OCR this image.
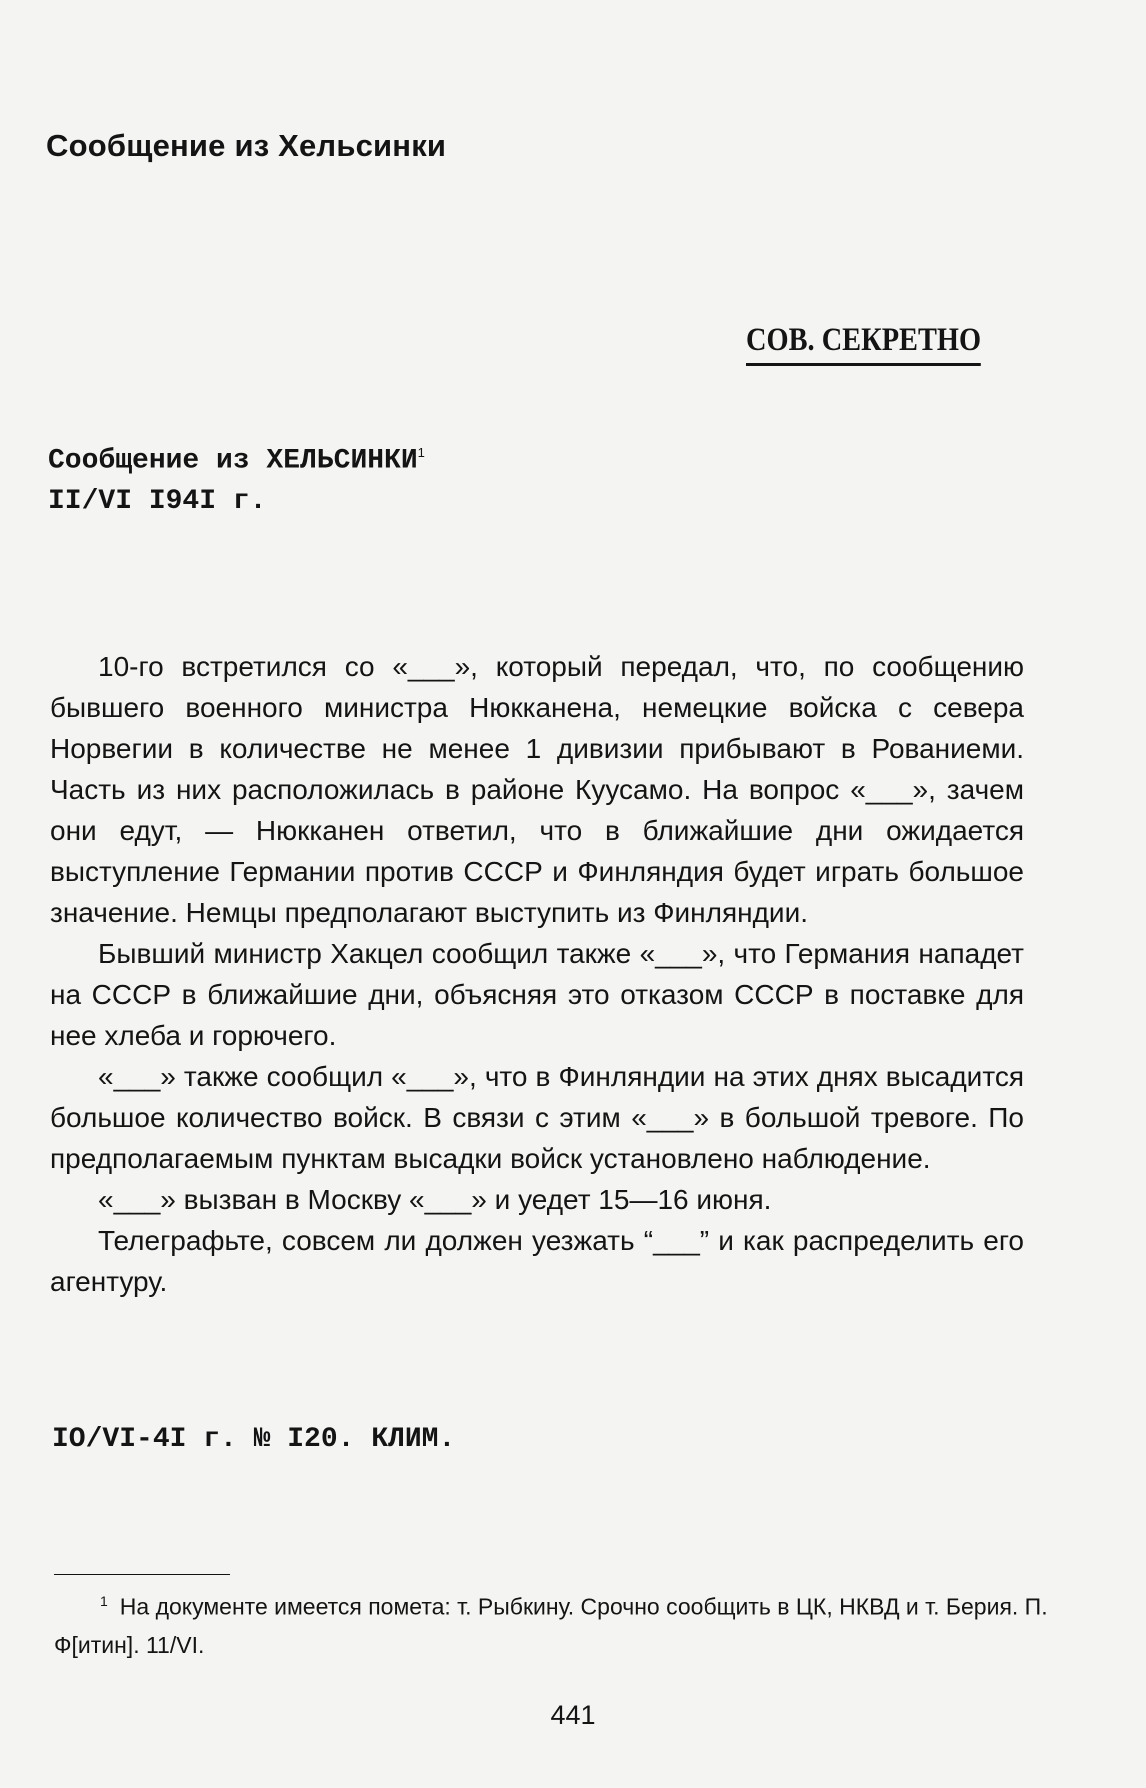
Сообщение из Хельсинки
СОВ. СЕКРЕТНО
Сообщение из ХЕЛЬСИНКИ$^1$
II/VI I94I г.

10-го встретился со «___», который передал, что, по сообщению бывшего военного министра Нюкканена, немецкие войска с севера Норвегии в количестве не менее 1 дивизии прибывают в Рованиеми. Часть из них расположилась в районе Куусамо. На вопрос «___», зачем они едут, — Нюкканен ответил, что в ближайшие дни ожидается выступление Германии против СССР и Финляндия будет играть большое значение. Немцы предполагают выступить из Финляндии.

Бывший министр Хакцел сообщил также «___», что Германия нападет на СССР в ближайшие дни, объясняя это отказом СССР в поставке для нее хлеба и горючего.

«___» также сообщил «___», что в Финляндии на этих днях высадится большое количество войск. В связи с этим «___» в большой тревоге. По предполагаемым пунктам высадки войск установлено наблюдение.

«___» вызван в Москву «___» и уедет 15—16 июня.

Телеграфьте, совсем ли должен уезжать “___” и как распределить его агентуру.

IO/VI-4I г. № I20. КЛИМ.
$^1$ На документе имеется помета: т. Рыбкину. Срочно сообщить в ЦК, НКВД и т. Берия. П. Ф[итин]. 11/VI.
441
